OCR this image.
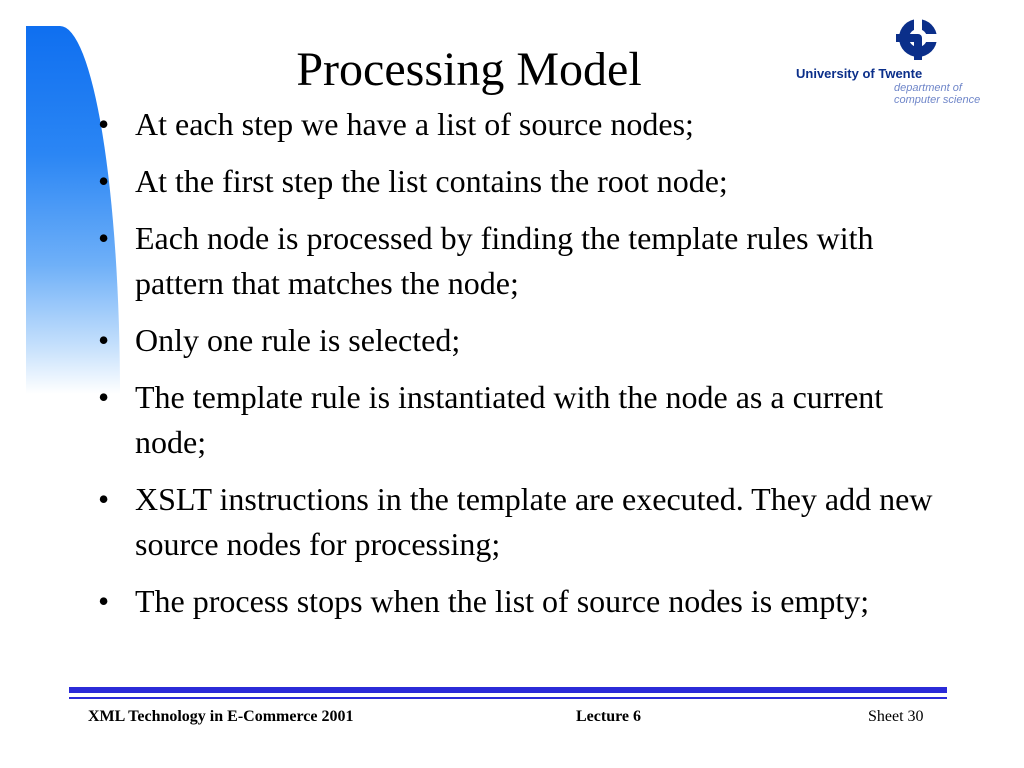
Processing Model	University of Twente
department of
computer science
• At each step we have a list of source nodes;
• At the first step the list contains the root node;
• Each node is processed by finding the template rules with pattern that matches the node;
• Only one rule is selected;
• The template rule is instantiated with the node as a current node;
• XSLT instructions in the template are executed. They add new source nodes for processing;
• The process stops when the list of source nodes is empty;
XML Technology in E-Commerce 2001	Lecture 6	Sheet 30
